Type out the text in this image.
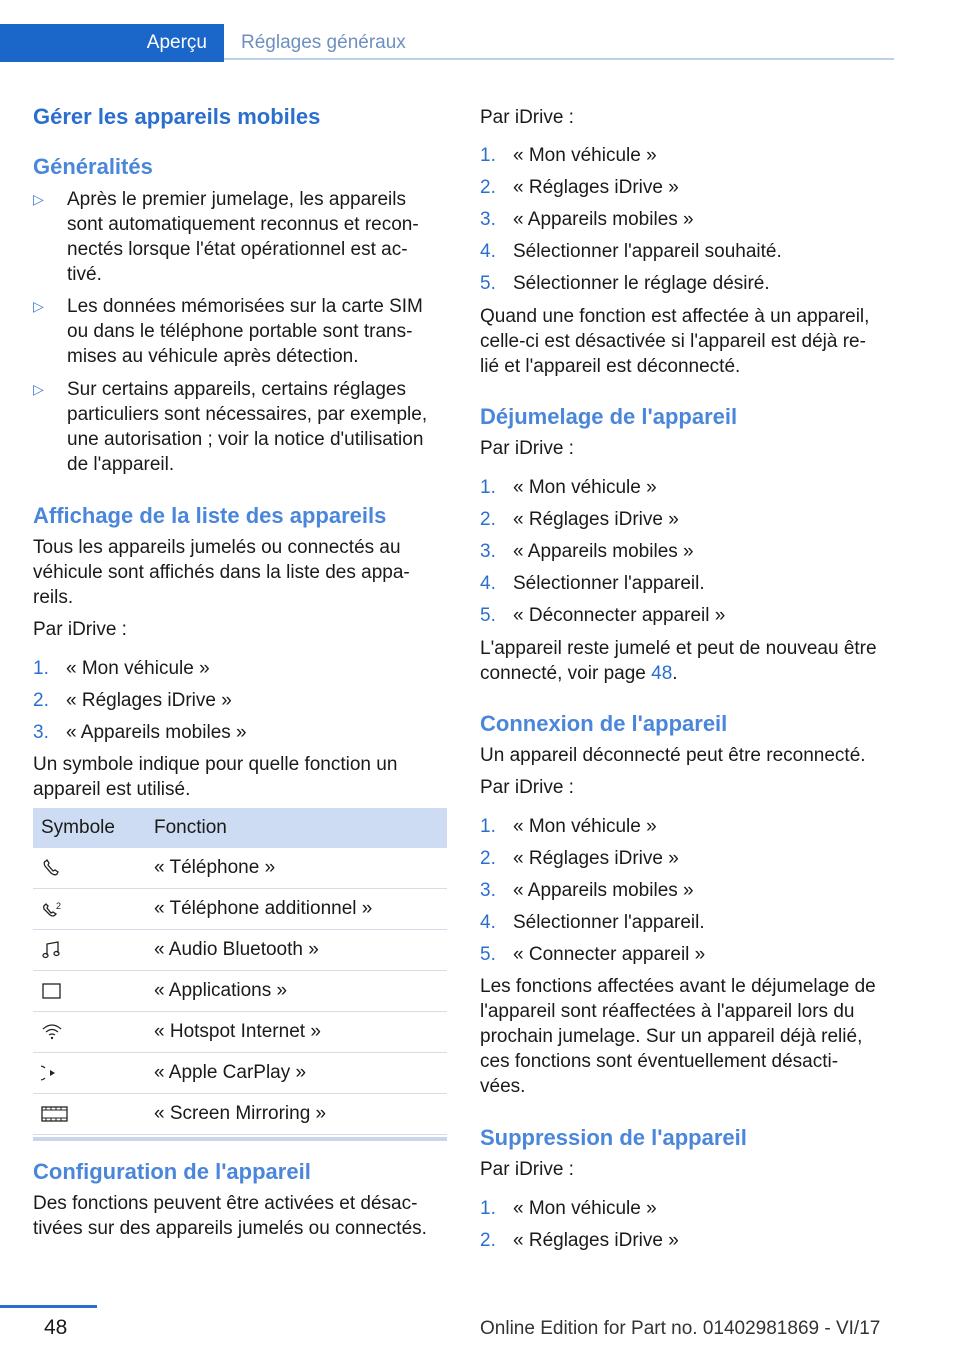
Aperçu	Réglages généraux
Gérer les appareils mobiles
Généralités
▷ Après le premier jumelage, les appareils
sont automatiquement reconnus et recon-
nectés lorsque l'état opérationnel est ac-
tivé.
▷ Les données mémorisées sur la carte SIM
ou dans le téléphone portable sont trans-
mises au véhicule après détection.
▷ Sur certains appareils, certains réglages
particuliers sont nécessaires, par exemple,
une autorisation ; voir la notice d'utilisation
de l'appareil.
Affichage de la liste des appareils
Tous les appareils jumelés ou connectés au
véhicule sont affichés dans la liste des appa-
reils.
Par iDrive :
1. « Mon véhicule »
2. « Réglages iDrive »
3. « Appareils mobiles »
Un symbole indique pour quelle fonction un appareil est utilisé.
Symbole Fonction
« Téléphone »
2	« Téléphone additionnel »
« Audio Bluetooth »
« Applications »
« Hotspot Internet »
« Apple CarPlay »
« Screen Mirroring »
Configuration de l'appareil
Des fonctions peuvent être activées et désac-
tivées sur des appareils jumelés ou connectés.
Par iDrive :
1. « Mon véhicule »
2. « Réglages iDrive »
3. « Appareils mobiles »
4. Sélectionner l'appareil souhaité.
5. Sélectionner le réglage désiré.
Quand une fonction est affectée à un appareil,
celle-ci est désactivée si l'appareil est déjà re-
lié et l'appareil est déconnecté.
Déjumelage de l'appareil
Par iDrive :
1. « Mon véhicule »
2. « Réglages iDrive »
3. « Appareils mobiles »
4. Sélectionner l'appareil.
5. « Déconnecter appareil »
L'appareil reste jumelé et peut de nouveau être
connecté, voir page 48.
Connexion de l'appareil
Un appareil déconnecté peut être reconnecté.
Par iDrive :
1. « Mon véhicule »
2. « Réglages iDrive »
3. « Appareils mobiles »
4. Sélectionner l'appareil.
5. « Connecter appareil »
Les fonctions affectées avant le déjumelage de
l'appareil sont réaffectées à l'appareil lors du
prochain jumelage. Sur un appareil déjà relié,
ces fonctions sont éventuellement désacti-
vées.
Suppression de l'appareil
Par iDrive :
1. « Mon véhicule »
2. « Réglages iDrive »
48	Online Edition for Part no. 01402981869 - VI/17
